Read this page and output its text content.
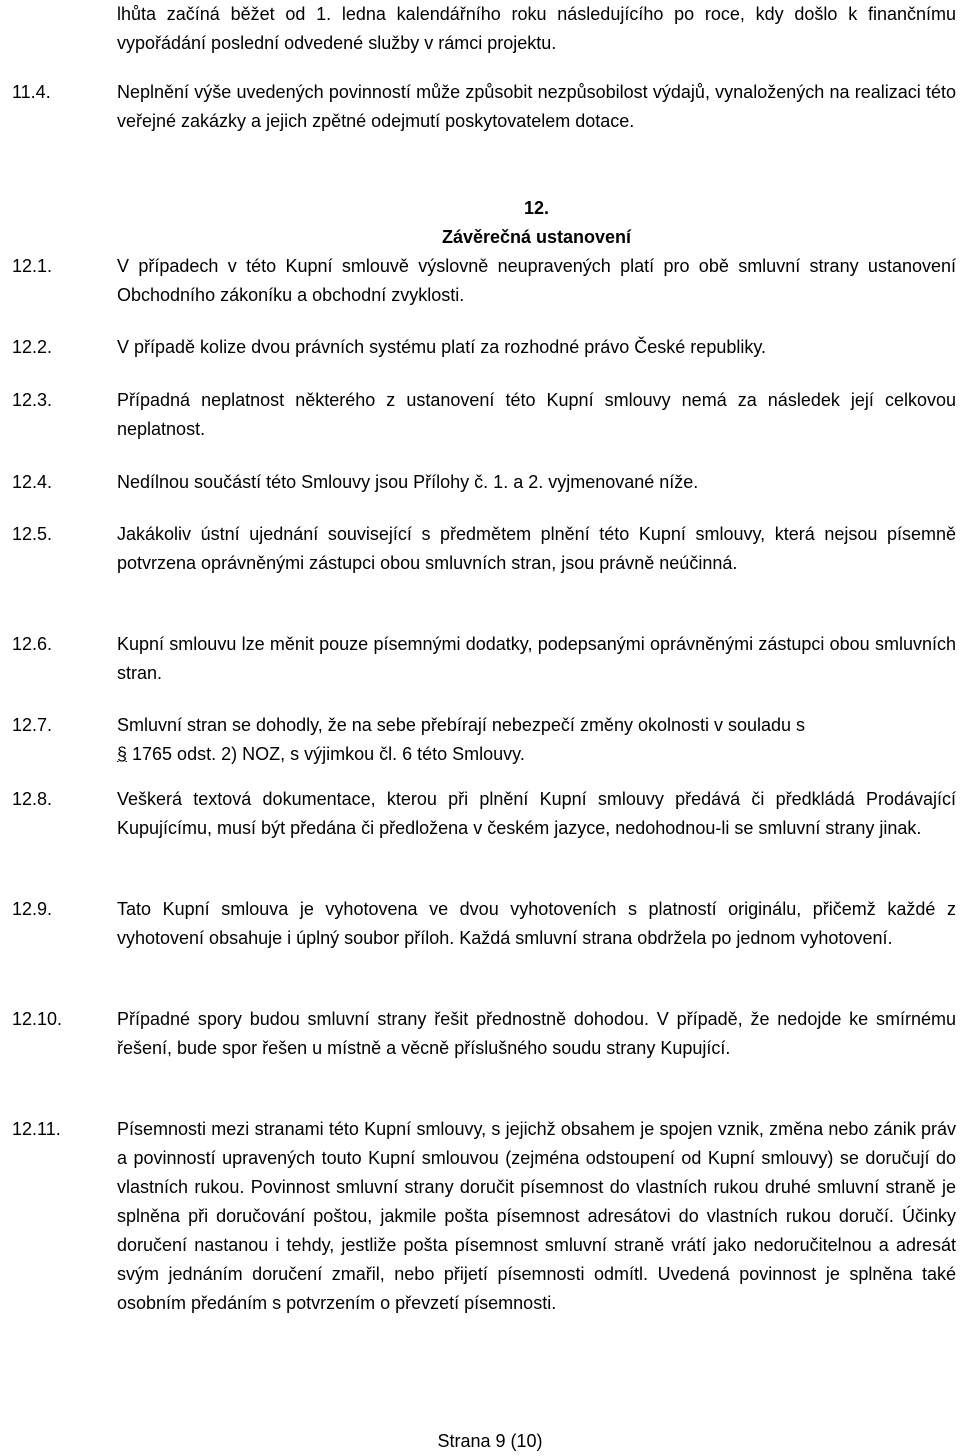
lhůta začíná běžet od 1. ledna kalendářního roku následujícího po roce, kdy došlo k finančnímu vypořádání poslední odvedené služby v rámci projektu.
11.4.	Neplnění výše uvedených povinností může způsobit nezpůsobilost výdajů, vynaložených na realizaci této veřejné zakázky a jejich zpětné odejmutí poskytovatelem dotace.
12.
Závěrečná ustanovení
12.1.	V případech v této Kupní smlouvě výslovně neupravených platí pro obě smluvní strany ustanovení Obchodního zákoníku a obchodní zvyklosti.
12.2.	V případě kolize dvou právních systému platí za rozhodné právo České republiky.
12.3.	Případná neplatnost některého z ustanovení této Kupní smlouvy nemá za následek její celkovou neplatnost.
12.4.	Nedílnou součástí této Smlouvy jsou Přílohy č. 1. a 2. vyjmenované níže.
12.5.	Jakákoliv ústní ujednání související s předmětem plnění této Kupní smlouvy, která nejsou písemně potvrzena oprávněnými zástupci obou smluvních stran, jsou právně neúčinná.
12.6.	Kupní smlouvu lze měnit pouze písemnými dodatky, podepsanými oprávněnými zástupci obou smluvních stran.
12.7.	Smluvní stran se dohodly, že na sebe přebírají nebezpečí změny okolnosti v souladu s
§ 1765 odst. 2) NOZ, s výjimkou čl. 6 této Smlouvy.
12.8.	Veškerá textová dokumentace, kterou při plnění Kupní smlouvy předává či předkládá Prodávající Kupujícímu, musí být předána či předložena v českém jazyce, nedohodnou-li se smluvní strany jinak.
12.9.	Tato Kupní smlouva je vyhotovena ve dvou vyhotoveních s platností originálu, přičemž každé z vyhotovení obsahuje i úplný soubor příloh. Každá smluvní strana obdržela po jednom vyhotovení.
12.10.	Případné spory budou smluvní strany řešit přednostně dohodou. V případě, že nedojde ke smírnému řešení, bude spor řešen u místně a věcně příslušného soudu strany Kupující.
12.11.	Písemnosti mezi stranami této Kupní smlouvy, s jejichž obsahem je spojen vznik, změna nebo zánik práv a povinností upravených touto Kupní smlouvou (zejména odstoupení od Kupní smlouvy) se doručují do vlastních rukou. Povinnost smluvní strany doručit písemnost do vlastních rukou druhé smluvní straně je splněna při doručování poštou, jakmile pošta písemnost adresátovi do vlastních rukou doručí. Účinky doručení nastanou i tehdy, jestliže pošta písemnost smluvní straně vrátí jako nedoručitelnou a adresát svým jednáním doručení zmařil, nebo přijetí písemnosti odmítl. Uvedená povinnost je splněna také osobním předáním s potvrzením o převzetí písemnosti.
Strana 9 (10)
